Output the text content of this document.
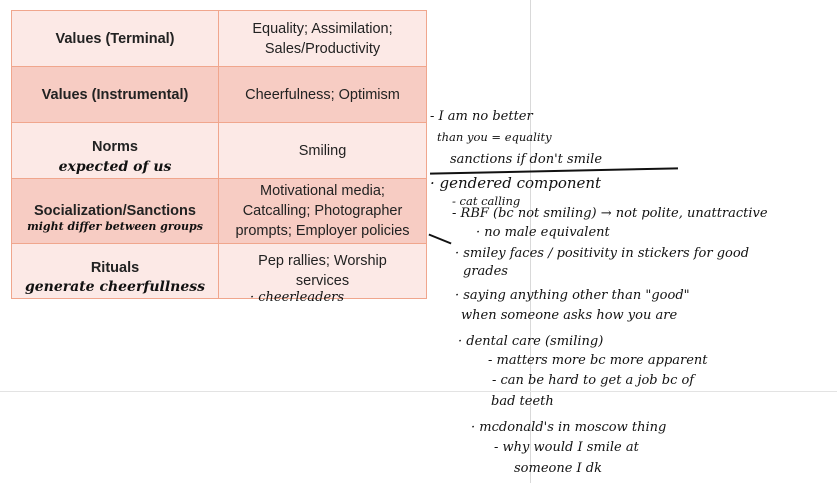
Values (Terminal)	Equality; Assimilation;
Sales/Productivity

Values (Instrumental)	Cheerfulness; Optimism

Norms
expected of us	Smiling

Socialization/Sanctions
might differ between groups	Motivational media;
Catcalling; Photographer
prompts; Employer policies

Rituals
generate cheerfullness	Pep rallies; Worship
services
· cheerleaders
- I am no better
than you = equality
sanctions if don't smile
· gendered component
- cat calling
- RBF (bc not smiling) → not polite, unattractive
· no male equivalent
· smiley faces / positivity in stickers for good
grades
· saying anything other than "good"
when someone asks how you are
· dental care (smiling)
- matters more bc more apparent
- can be hard to get a job bc of
bad teeth
· mcdonald's in moscow thing
- why would I smile at
someone I dk
